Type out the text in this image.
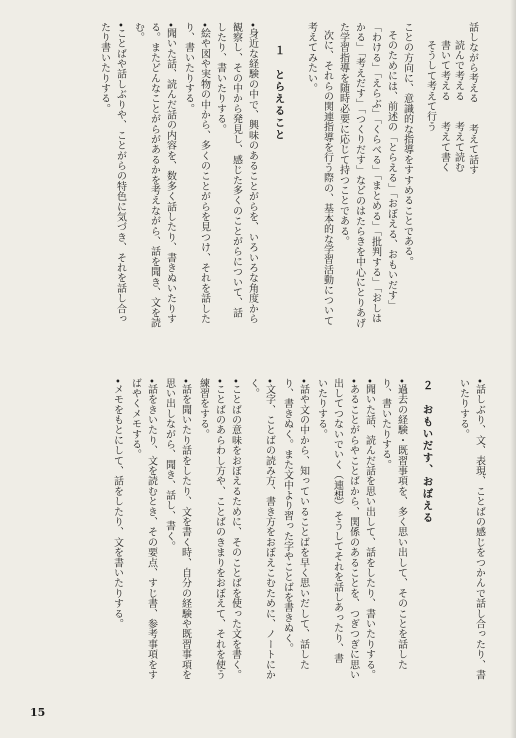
話しながら考える　　考えて話す
読んで考える　　考えて読む
書いて考える　　考えて書く
そうして考えて行う
ことの方向に、意識的な指導をすすめることである。
そのためには、前述の「とらえる」「おぼえる、おもいだす」
「わける」「えらぶ」「くらべる」「まとめる」「批判する」「おしは
かる」「考えだす」「つくりだす」などのはたらきを中心にとりあげ
た学習指導を随時必要に応じて持つことである。
次に、それらの関連指導を行う際の、基本的な学習活動について
考えてみたい。
１　とらえること
•身近な経験の中で、興味のあることがらを、いろいろな角度から
観察し、その中から発見し、感じた多くのことがらについて、話
したり、書いたりする。
•絵や図や実物の中から、多くのことがらを見つけ、それを話した
り、書いたりする。
•聞いた話、読んだ話の内容を、数多く話したり、書きぬいたりす
る。またどんなことがらがあるかを考えながら、話を聞き、文を読
む。
•ことばや話しぶりや、ことがらの特色に気づき、それを話し合っ
たり書いたりする。
•話しぶり、文、表現、ことばの感じをつかんで話し合ったり、書
いたりする。
２　おもいだす、おぼえる
•過去の経験・既習事項を、多く思い出して、そのことを話した
り、書いたりする。
•聞いた話、読んだ話を思い出して、話をしたり、書いたりする。
•あることがらやことばから、関係のあることを、つぎつぎに思い
出してつないでいく（連想）そうしてそれを話しあったり、書
いたりする。
•話や文の中から、知っていることばを早く思いだして、話した
り、書きぬく。また文中より習った字やことばを書きぬく。
•文字、ことばの読み方、書き方をおぼえこむために、ノートにか
く。
•ことばの意味をおぼえるために、そのことばを使った文を書く。
•ことばのあらわし方や、ことばのきまりをおぼえて、それを使う
練習をする。
•話を聞いたり話をしたり、文を書く時、自分の経験や既習事項を
思い出しながら、聞き、話し、書く。
•話をきいたり、文を読むとき、その要点、すじ書、参考事項をす
ばやくメモする。
•メモをもとにして、話をしたり、文を書いたりする。
15
